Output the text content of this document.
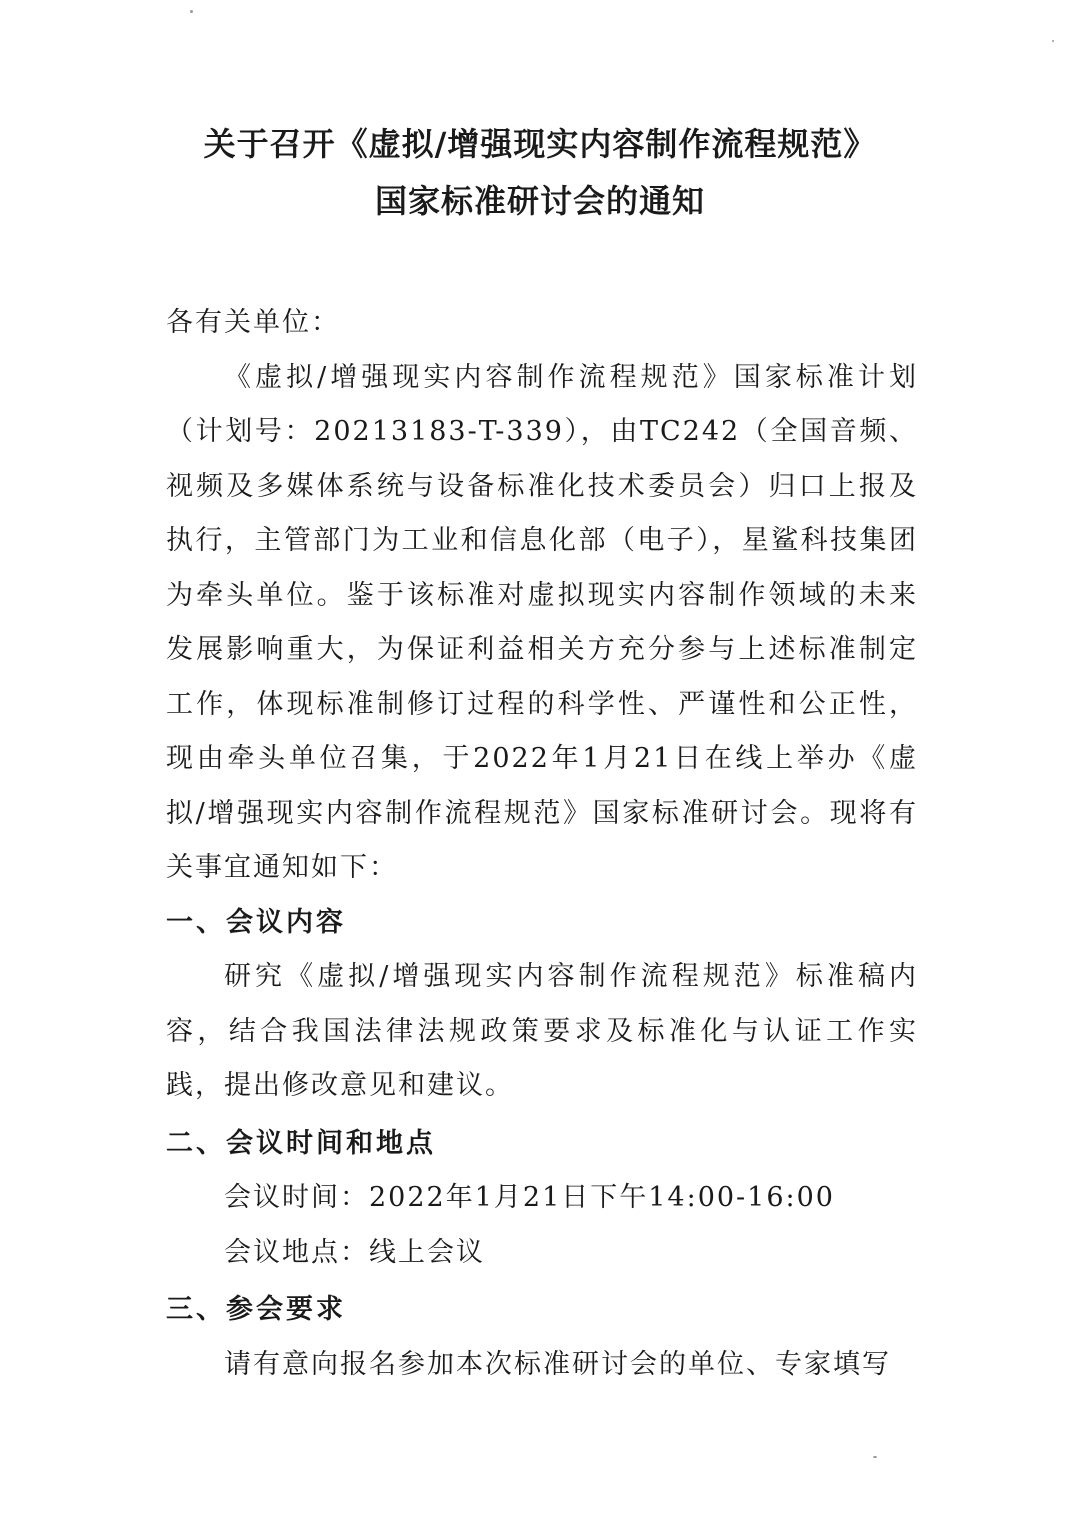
关于召开《虚拟/增强现实内容制作流程规范》
国家标准研讨会的通知

各有关单位：

《虚拟/增强现实内容制作流程规范》国家标准计划（计划号：20213183-T-339），由TC242（全国音频、视频及多媒体系统与设备标准化技术委员会）归口上报及执行，主管部门为工业和信息化部（电子），星鲨科技集团为牵头单位。鉴于该标准对虚拟现实内容制作领域的未来发展影响重大，为保证利益相关方充分参与上述标准制定工作，体现标准制修订过程的科学性、严谨性和公正性，现由牵头单位召集，于2022年1月21日在线上举办《虚拟/增强现实内容制作流程规范》国家标准研讨会。现将有关事宜通知如下：

一、会议内容

研究《虚拟/增强现实内容制作流程规范》标准稿内容，结合我国法律法规政策要求及标准化与认证工作实践，提出修改意见和建议。

二、会议时间和地点

会议时间：2022年1月21日下午14:00-16:00

会议地点：线上会议

三、参会要求

请有意向报名参加本次标准研讨会的单位、专家填写
